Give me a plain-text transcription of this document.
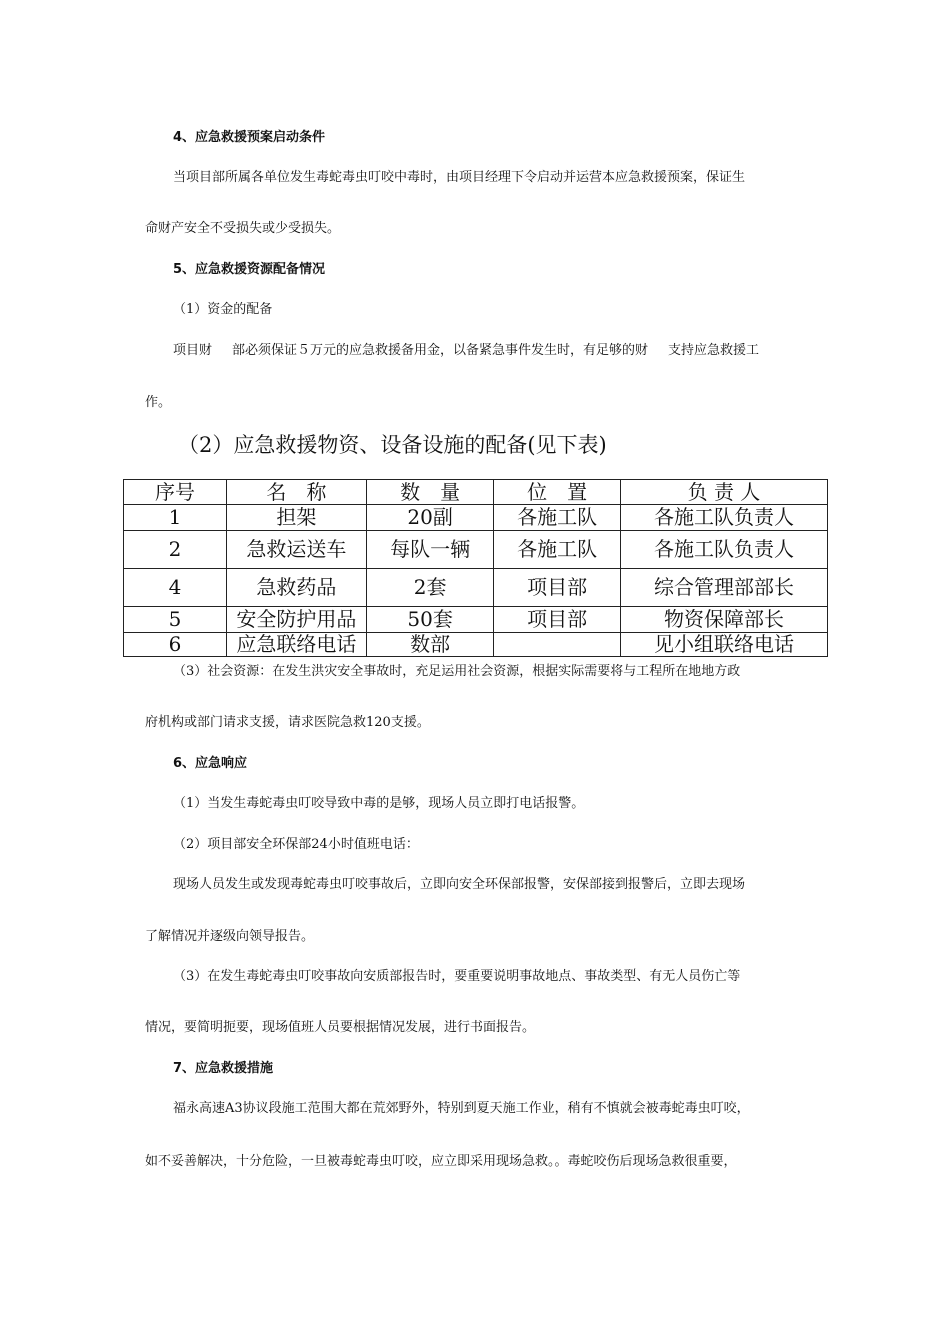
4、应急救援预案启动条件
当项目部所属各单位发生毒蛇毒虫叮咬中毒时，由项目经理下令启动并运营本应急救援预案，保证生
命财产安全不受损失或少受损失。
5、应急救援资源配备情况
（1）资金的配备
项目财 部必须保证５万元的应急救援备用金，以备紧急事件发生时，有足够的财 支持应急救援工
作。
（2）应急救援物资、设备设施的配备(见下表)
序号	名　称	数　量	位　置	负 责 人
1	担架	20副	各施工队	各施工队负责人
2	急救运送车	每队一辆	各施工队	各施工队负责人
4	急救药品	2套	项目部	综合管理部部长
5	安全防护用品	50套	项目部	物资保障部长
6	应急联络电话	数部		见小组联络电话
（3）社会资源：在发生洪灾安全事故时，充足运用社会资源，根据实际需要将与工程所在地地方政
府机构或部门请求支援，请求医院急救120支援。
6、应急响应
（1）当发生毒蛇毒虫叮咬导致中毒的是够，现场人员立即打电话报警。
（2）项目部安全环保部24小时值班电话：
现场人员发生或发现毒蛇毒虫叮咬事故后，立即向安全环保部报警，安保部接到报警后，立即去现场
了解情况并逐级向领导报告。
（3）在发生毒蛇毒虫叮咬事故向安质部报告时，要重要说明事故地点、事故类型、有无人员伤亡等
情况，要简明扼要，现场值班人员要根据情况发展，进行书面报告。
7、应急救援措施
福永高速A3协议段施工范围大都在荒郊野外，特别到夏天施工作业，稍有不慎就会被毒蛇毒虫叮咬，
如不妥善解决，十分危险，一旦被毒蛇毒虫叮咬，应立即采用现场急救。。毒蛇咬伤后现场急救很重要，
